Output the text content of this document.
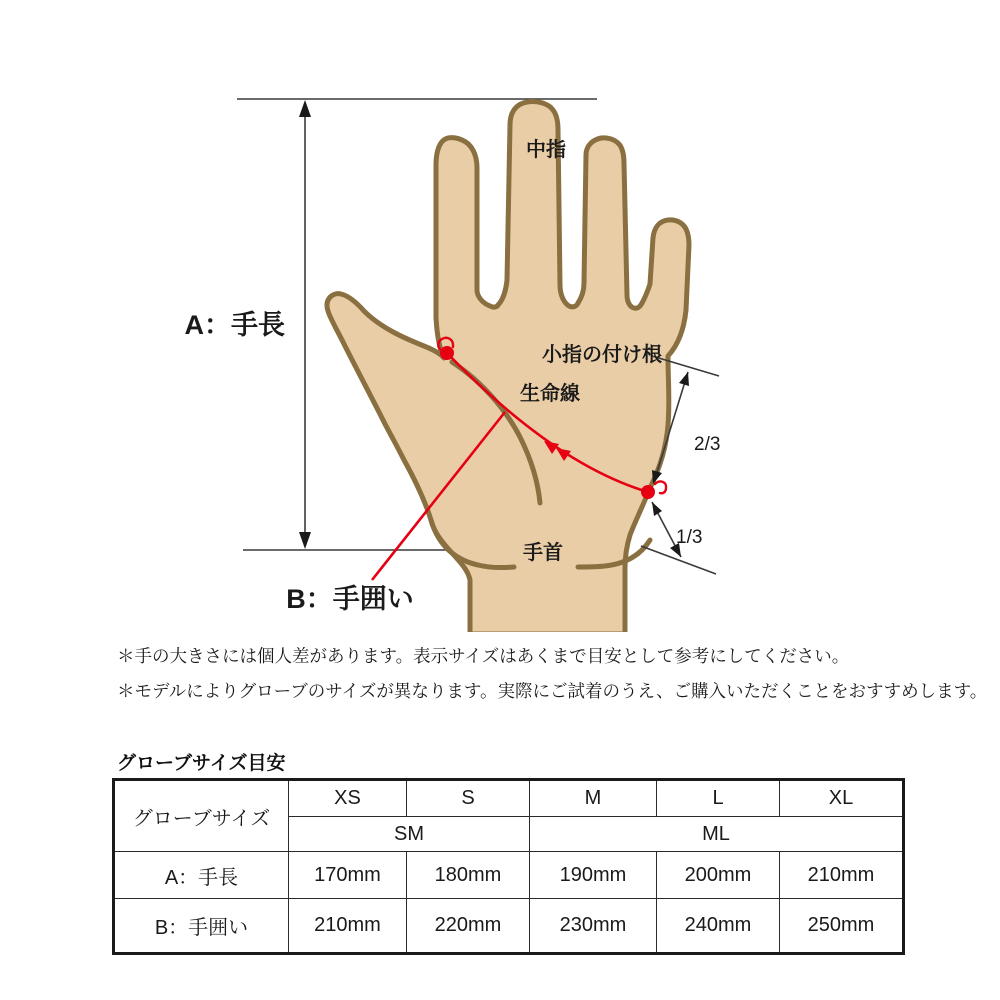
A：手長
B：手囲い
中指
小指の付け根
生命線
手首
2/3
1/3
＊手の大きさには個人差があります。表示サイズはあくまで目安として参考にしてください。
＊モデルによりグローブのサイズが異なります。実際にご試着のうえ、ご購入いただくことをおすすめします。
グローブサイズ目安
グローブサイズ	XS	S	M	L	XL
	SM		ML		
A：手長	170mm	180mm	190mm	200mm	210mm
B：手囲い	210mm	220mm	230mm	240mm	250mm
